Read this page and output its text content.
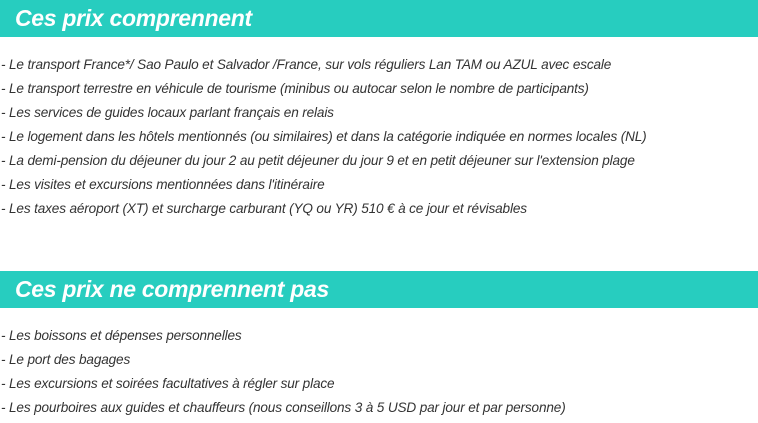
Ces prix comprennent
- Le transport France*/ Sao Paulo et Salvador /France, sur vols réguliers Lan TAM ou AZUL avec escale
- Le transport terrestre en véhicule de tourisme (minibus ou autocar selon le nombre de participants)
- Les services de guides locaux parlant français en relais
- Le logement dans les hôtels mentionnés (ou similaires) et dans la catégorie indiquée en normes locales (NL)
- La demi-pension du déjeuner du jour 2 au petit déjeuner du jour 9 et en petit déjeuner sur l'extension plage
- Les visites et excursions mentionnées dans l'itinéraire
- Les taxes aéroport (XT) et surcharge carburant (YQ ou YR) 510 € à ce jour et révisables
Ces prix ne comprennent pas
- Les boissons et dépenses personnelles
- Le port des bagages
- Les excursions et soirées facultatives à régler sur place
- Les pourboires aux guides et chauffeurs (nous conseillons 3 à 5 USD par jour et par personne)
